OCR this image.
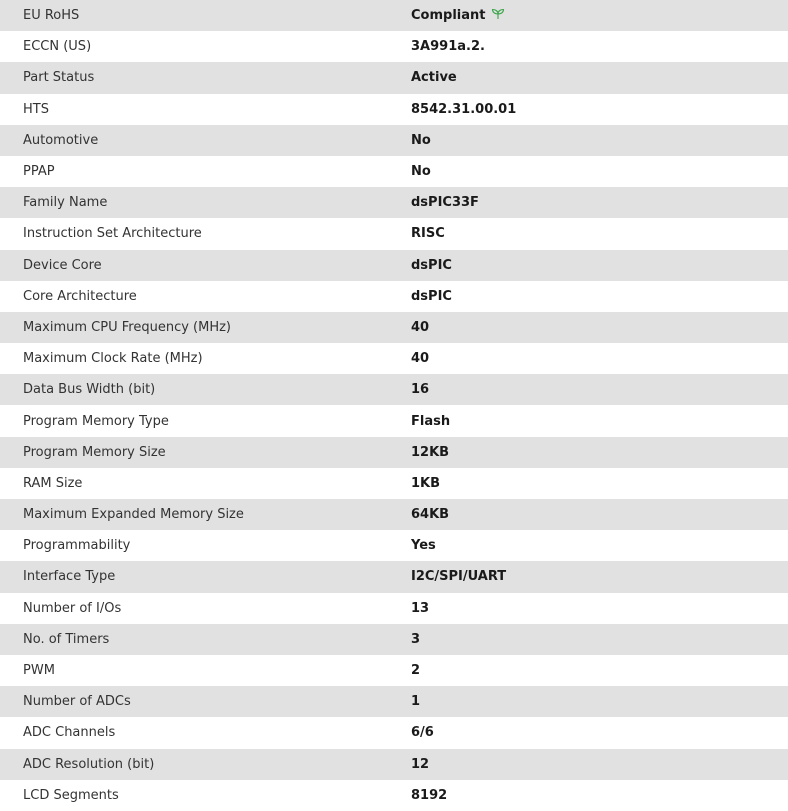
EU RoHS	Compliant
ECCN (US)	3A991a.2.
Part Status	Active
HTS	8542.31.00.01
Automotive	No
PPAP	No
Family Name	dsPIC33F
Instruction Set Architecture	RISC
Device Core	dsPIC
Core Architecture	dsPIC
Maximum CPU Frequency (MHz)	40
Maximum Clock Rate (MHz)	40
Data Bus Width (bit)	16
Program Memory Type	Flash
Program Memory Size	12KB
RAM Size	1KB
Maximum Expanded Memory Size	64KB
Programmability	Yes
Interface Type	I2C/SPI/UART
Number of I/Os	13
No. of Timers	3
PWM	2
Number of ADCs	1
ADC Channels	6/6
ADC Resolution (bit)	12
LCD Segments	8192
